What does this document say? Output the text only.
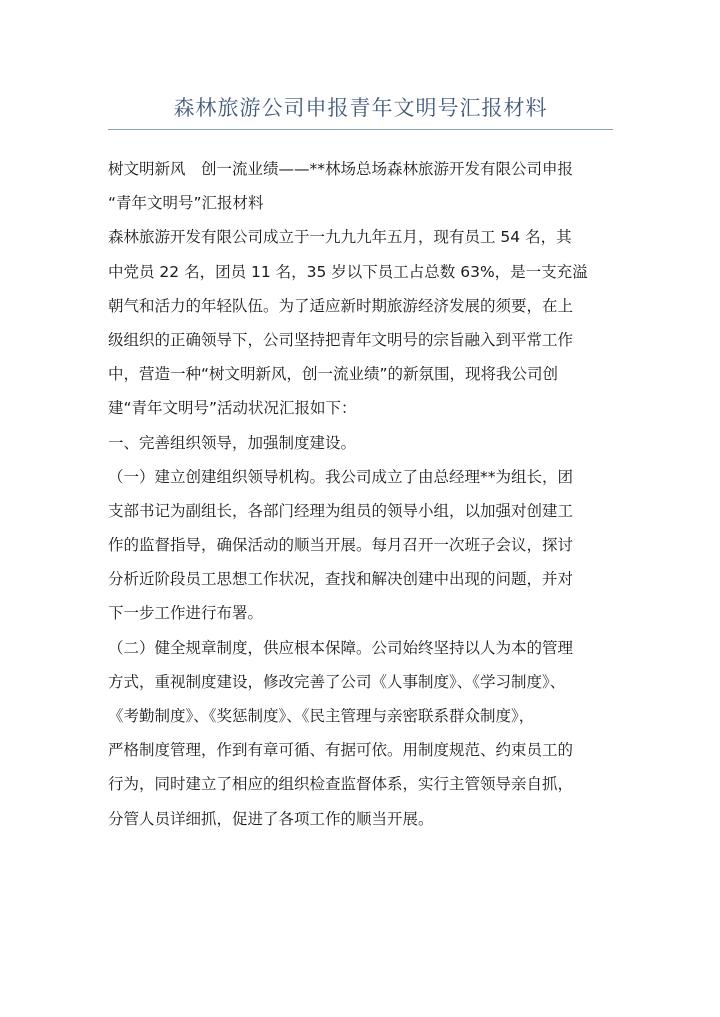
森林旅游公司申报青年文明号汇报材料
树文明新风　创一流业绩——**林场总场森林旅游开发有限公司申报
“青年文明号”汇报材料
森林旅游开发有限公司成立于一九九九年五月，现有员工 54 名，其
中党员 22 名，团员 11 名，35 岁以下员工占总数 63%，是一支充溢
朝气和活力的年轻队伍。为了适应新时期旅游经济发展的须要，在上
级组织的正确领导下，公司坚持把青年文明号的宗旨融入到平常工作
中，营造一种“树文明新风，创一流业绩”的新氛围，现将我公司创
建“青年文明号”活动状况汇报如下：
一、完善组织领导，加强制度建设。
（一）建立创建组织领导机构。我公司成立了由总经理**为组长，团
支部书记为副组长，各部门经理为组员的领导小组，以加强对创建工
作的监督指导，确保活动的顺当开展。每月召开一次班子会议，探讨
分析近阶段员工思想工作状况，查找和解决创建中出现的问题，并对
下一步工作进行布署。
（二）健全规章制度，供应根本保障。公司始终坚持以人为本的管理
方式，重视制度建设，修改完善了公司《人事制度》、《学习制度》、
《考勤制度》、《奖惩制度》、《民主管理与亲密联系群众制度》，
严格制度管理，作到有章可循、有据可依。用制度规范、约束员工的
行为，同时建立了相应的组织检查监督体系，实行主管领导亲自抓，
分管人员详细抓，促进了各项工作的顺当开展。
